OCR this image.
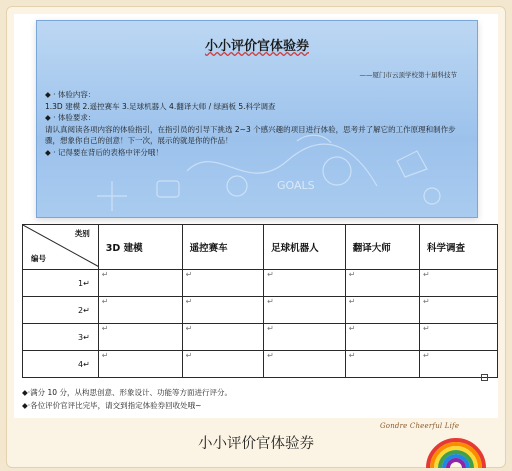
GOALS
小小评价官体验券
——厦门市云顶学校第十届科技节
◆ · 体验内容：
1.3D 建模 2.遥控赛车 3.足球机器人 4.翻译大师 / 绿画板 5.科学调查
◆ · 体验要求：
请认真阅读各项内容的体验指引，在指引员的引导下挑选 2~3 个感兴趣的项目进行体验，思考并了解它的工作原理和制作步骤，想象你自己的创意！下一次，展示的就是你的作品！
◆ · 记得要在背后的表格中评分哦！
类别
编号	3D 建模	遥控赛车	足球机器人	翻译大师	科学调查
1↵	↵	↵	↵	↵	↵
2↵	↵	↵	↵	↵	↵
3↵	↵	↵	↵	↵	↵
4↵	↵	↵	↵	↵	↵
◆·满分 10 分，从构思创意、形象设计、功能等方面进行评分。
◆·各位评价官评比完毕，请交到指定体验券回收处哦~
小小评价官体验券
Gondre Cheerful Life
